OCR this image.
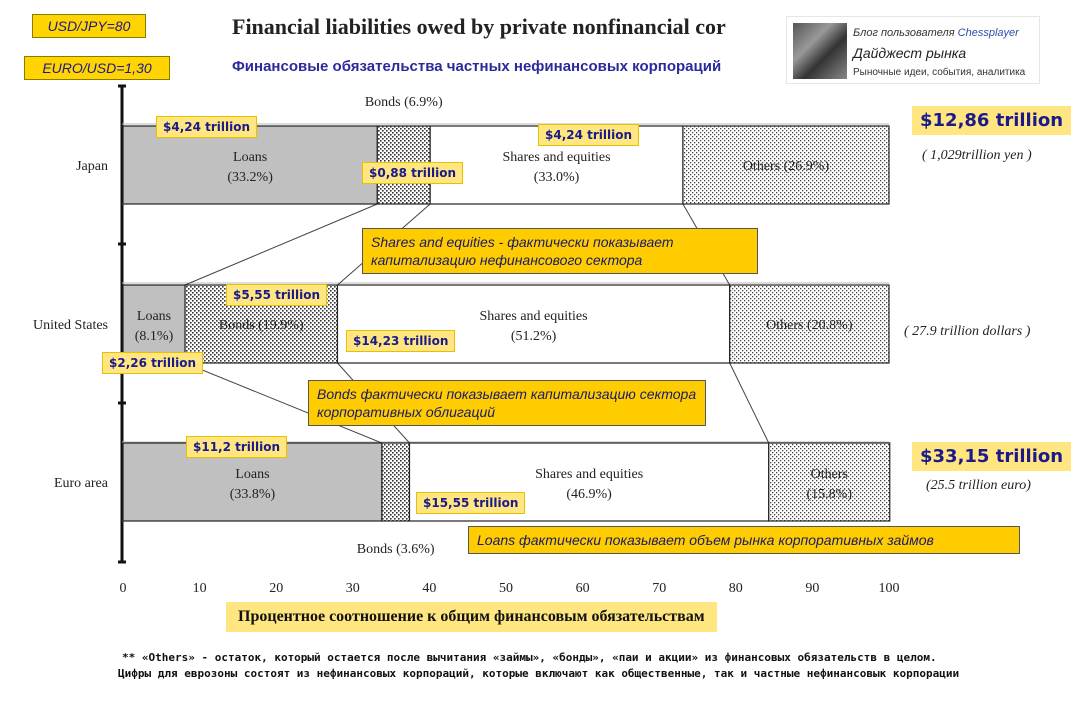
USD/JPY=80
EURO/USD=1,30
Financial liabilities owed by private nonfinancial cor
Финансовые обязательства частных нефинансовых корпораций
Блог пользователя Chessplayer
Дайджест рынка
Рыночные идеи, события, аналитика
0	10	20	30	40	50	60	70	80	90	100
Japan
Loans
(33.2%)
Bonds (6.9%)
Shares and equities
(33.0%)
Others (26.9%)
United States
Loans
(8.1%)
Bonds (19.9%)
Shares and equities
(51.2%)
Others (20.8%)
Euro area
Loans
(33.8%)
Bonds (3.6%)
Shares and equities
(46.9%)
Others
(15.8%)
$4,24 trillion
$0,88 trillion
$4,24 trillion
$5,55 trillion
$2,26 trillion
$14,23 trillion
$11,2 trillion
$15,55 trillion
$12,86 trillion
( 1,029trillion yen )
( 27.9 trillion dollars )
$33,15 trillion
(25.5 trillion euro)
Shares and equities - фактически показывает капитализацию нефинансового сектора
Bonds фактически показывает капитализацию сектора корпоративных облигаций
Loans фактически показывает объем рынка корпоративных займов
Процентное соотношение к общим финансовым обязательствам
** «Others» - остаток, который остается после вычитания «займы», «бонды», «паи и акции» из финансовых обязательств в целом.
Цифры для еврозоны состоят из нефинансовых корпораций, которые включают как общественные, так и частные нефинансовык корпорации
